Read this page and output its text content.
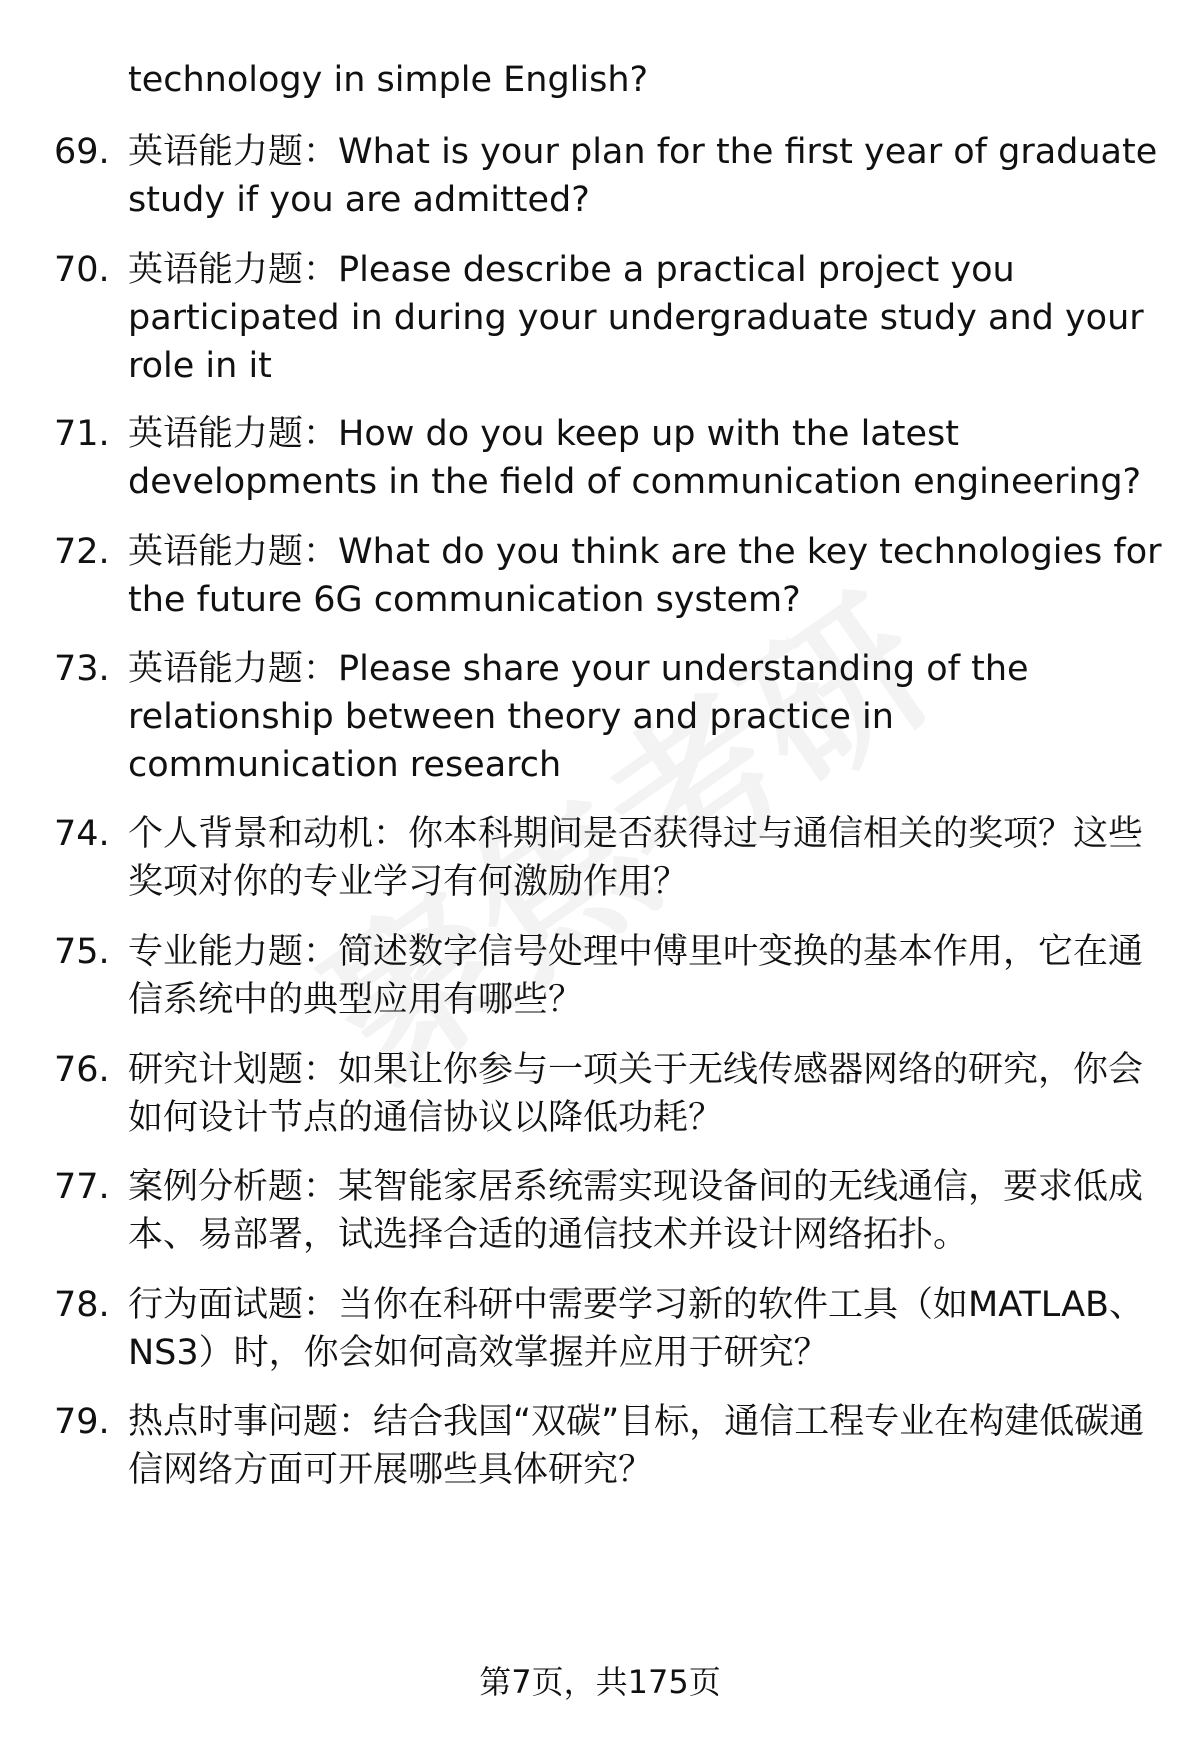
technology in simple English?
69. 英语能力题：What is your plan for the first year of graduate study if you are admitted?
70. 英语能力题：Please describe a practical project you participated in during your undergraduate study and your role in it
71. 英语能力题：How do you keep up with the latest developments in the field of communication engineering?
72. 英语能力题：What do you think are the key technologies for the future 6G communication system?
73. 英语能力题：Please share your understanding of the relationship between theory and practice in communication research
74. 个人背景和动机：你本科期间是否获得过与通信相关的奖项？这些奖项对你的专业学习有何激励作用？
75. 专业能力题：简述数字信号处理中傅里叶变换的基本作用，它在通信系统中的典型应用有哪些？
76. 研究计划题：如果让你参与一项关于无线传感器网络的研究，你会如何设计节点的通信协议以降低功耗？
77. 案例分析题：某智能家居系统需实现设备间的无线通信，要求低成本、易部署，试选择合适的通信技术并设计网络拓扑。
78. 行为面试题：当你在科研中需要学习新的软件工具（如MATLAB、NS3）时，你会如何高效掌握并应用于研究？
79. 热点时事问题：结合我国“双碳”目标，通信工程专业在构建低碳通信网络方面可开展哪些具体研究？
第7页，共175页
